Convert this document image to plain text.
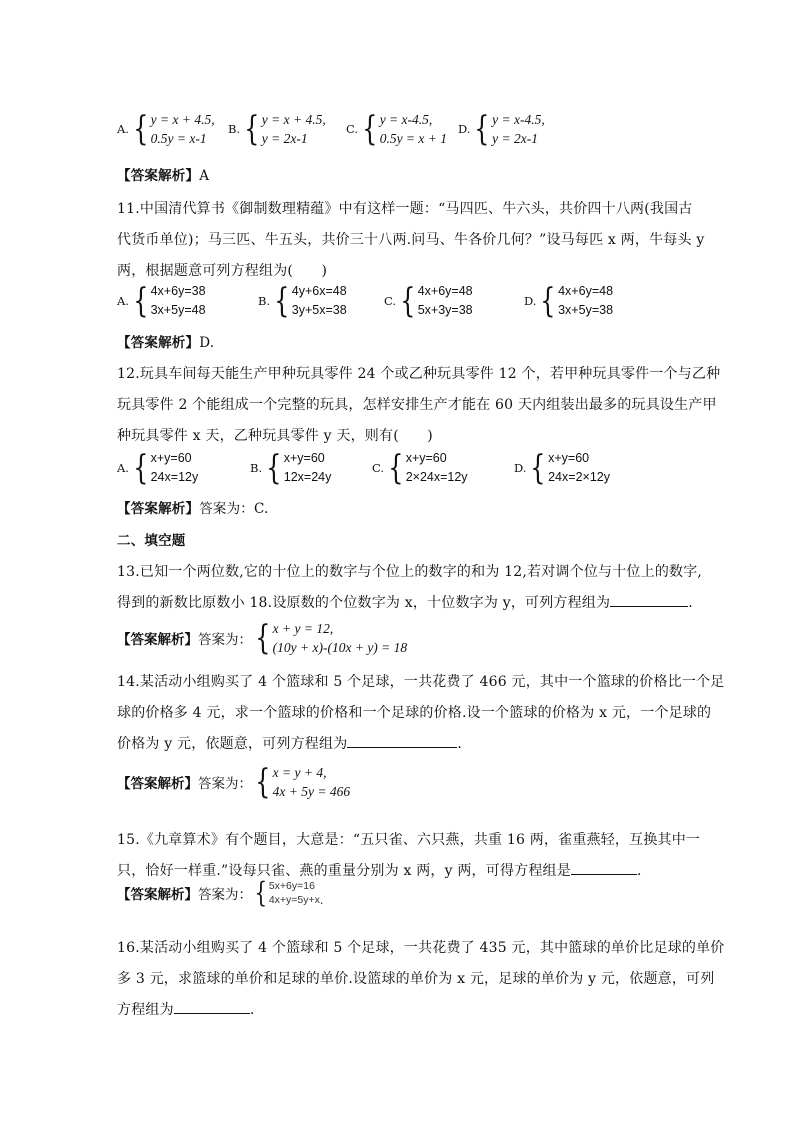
A. { y = x + 4.5,
0.5y = x-1
B. { y = x + 4.5,
y = 2x-1
C. { y = x-4.5,
0.5y = x + 1
D. { y = x-4.5,
y = 2x-1
【答案解析】A
11.中国清代算书《御制数理精蕴》中有这样一题：“马四匹、牛六头，共价四十八两(我国古
代货币单位)；马三匹、牛五头，共价三十八两.问马、牛各价几何？”设马每匹 x 两，牛每头 y
两，根据题意可列方程组为(　　)
A. { 4x+6y=38
3x+5y=48
B. { 4y+6x=48
3y+5x=38
C. { 4x+6y=48
5x+3y=38
D. { 4x+6y=48
3x+5y=38
【答案解析】D.
12.玩具车间每天能生产甲种玩具零件 24 个或乙种玩具零件 12 个，若甲种玩具零件一个与乙种
玩具零件 2 个能组成一个完整的玩具，怎样安排生产才能在 60 天内组装出最多的玩具设生产甲
种玩具零件 x 天，乙种玩具零件 y 天，则有(　　)
A. { x+y=60
24x=12y
B. { x+y=60
12x=24y
C. { x+y=60
2×24x=12y
D. { x+y=60
24x=2×12y
【答案解析】答案为：C.
二、填空题
13.已知一个两位数,它的十位上的数字与个位上的数字的和为 12,若对调个位与十位上的数字,
得到的新数比原数小 18.设原数的个位数字为 x，十位数字为 y，可列方程组为	.
【答案解析】 答案为： { x + y = 12,
(10y + x)-(10x + y) = 18
14.某活动小组购买了 4 个篮球和 5 个足球，一共花费了 466 元，其中一个篮球的价格比一个足
球的价格多 4 元，求一个篮球的价格和一个足球的价格.设一个篮球的价格为 x 元，一个足球的
价格为 y 元，依题意，可列方程组为	.
【答案解析】 答案为： { x = y + 4,
4x + 5y = 466
15.《九章算术》有个题目，大意是：“五只雀、六只燕，共重 16 两，雀重燕轻，互换其中一
只，恰好一样重.”设每只雀、燕的重量分别为 x 两，y 两，可得方程组是	.
【答案解析】 答案为： { 5x+6y=16
4x+y=5y+x .
16.某活动小组购买了 4 个篮球和 5 个足球，一共花费了 435 元，其中篮球的单价比足球的单价
多 3 元，求篮球的单价和足球的单价.设篮球的单价为 x 元，足球的单价为 y 元，依题意，可列
方程组为	.
